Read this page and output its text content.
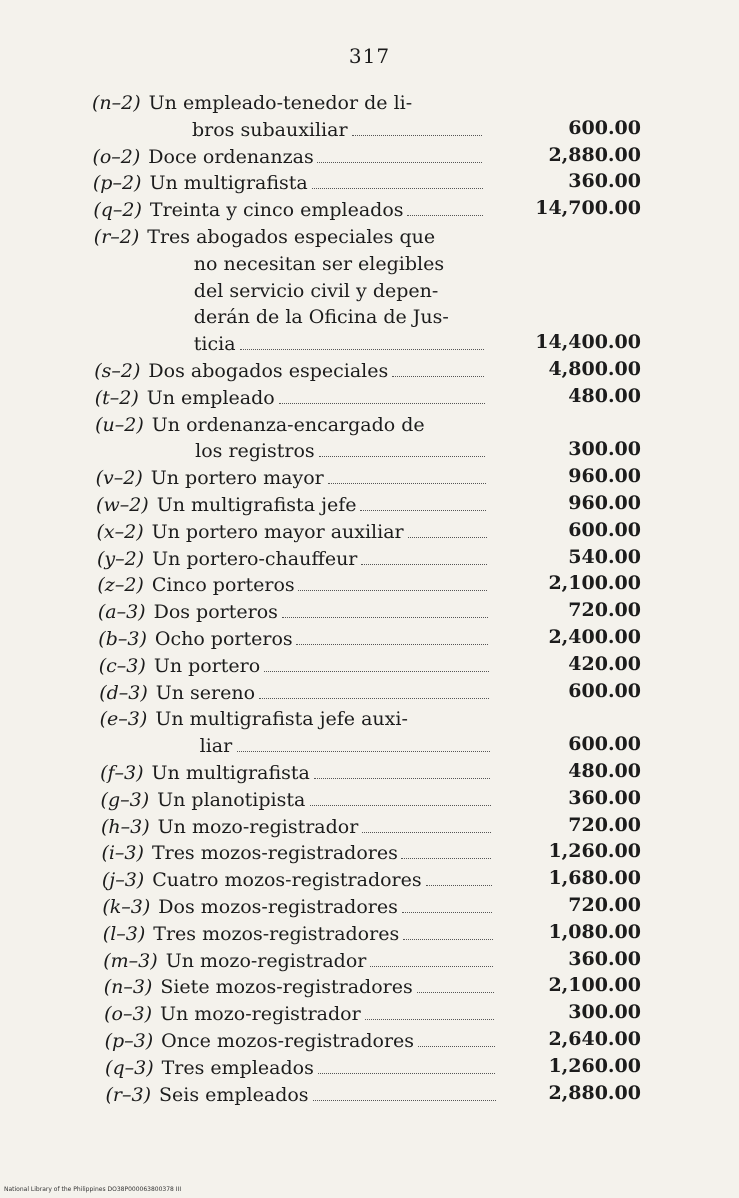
317
(n–2) Un empleado-tenedor de li-
bros subauxiliar	600.00
(o–2) Doce ordenanzas	2,880.00
(p–2) Un multigrafista	360.00
(q–2) Treinta y cinco empleados	14,700.00
(r–2) Tres abogados especiales que
no necesitan ser elegibles
del servicio civil y depen-
derán de la Oficina de Jus-
ticia	14,400.00
(s–2) Dos abogados especiales	4,800.00
(t–2) Un empleado	480.00
(u–2) Un ordenanza-encargado de
los registros	300.00
(v–2) Un portero mayor	960.00
(w–2) Un multigrafista jefe	960.00
(x–2) Un portero mayor auxiliar	600.00
(y–2) Un portero-chauffeur	540.00
(z–2) Cinco porteros	2,100.00
(a–3) Dos porteros	720.00
(b–3) Ocho porteros	2,400.00
(c–3) Un portero	420.00
(d–3) Un sereno	600.00
(e–3) Un multigrafista jefe auxi-
liar	600.00
(f–3) Un multigrafista	480.00
(g–3) Un planotipista	360.00
(h–3) Un mozo-registrador	720.00
(i–3) Tres mozos-registradores	1,260.00
(j–3) Cuatro mozos-registradores	1,680.00
(k–3) Dos mozos-registradores	720.00
(l–3) Tres mozos-registradores	1,080.00
(m–3) Un mozo-registrador	360.00
(n–3) Siete mozos-registradores	2,100.00
(o–3) Un mozo-registrador	300.00
(p–3) Once mozos-registradores	2,640.00
(q–3) Tres empleados	1,260.00
(r–3) Seis empleados	2,880.00
National Library of the Philippines DO38P000063800378 III
